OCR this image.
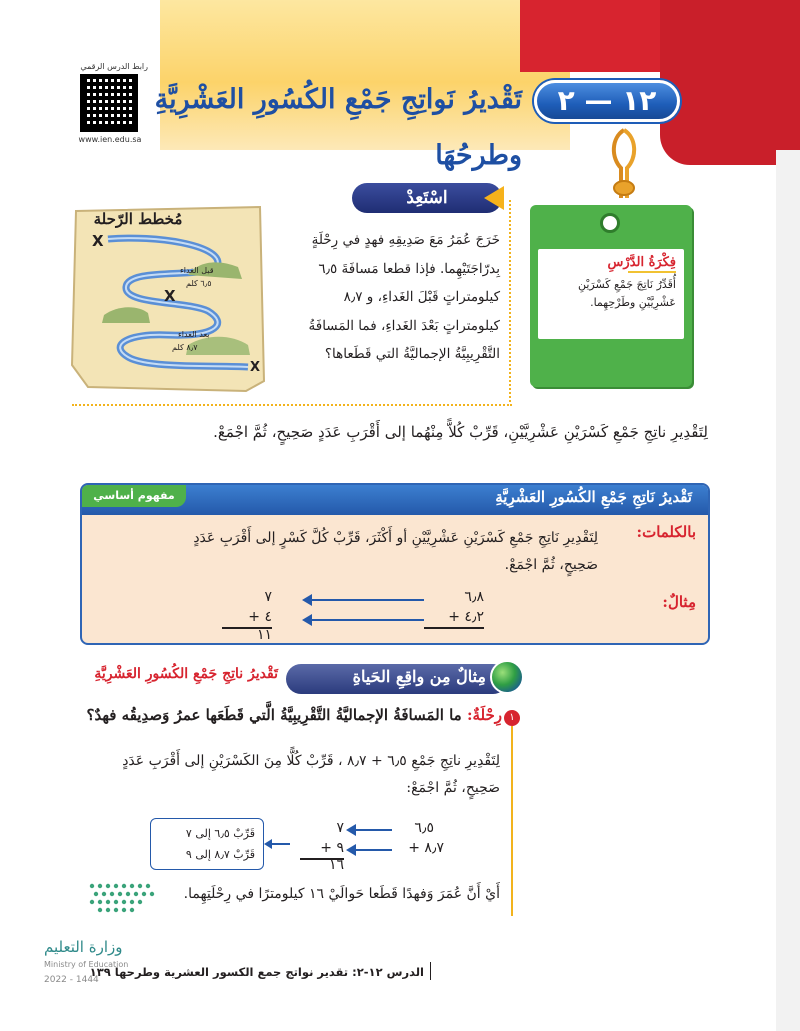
رابط الدرس الرقمي
www.ien.edu.sa
١٢ — ٢
تَقْديرُ نَواتِجِ جَمْعِ الكُسُورِ العَشْرِيَّةِ
وطرحُهَا
فِكْرَةُ الدَّرْسِ
أُقَدِّرُ نَاتِجَ جَمْعِ كَسْرَيْنِ عَشْرِيَّيْنِ وطَرْحِهِما.
اسْتَعِدْ
مُخطط الرّحلة
X
X
X
قبل الغداء
٦٫٥ كلم
بعد الغداء
٨٫٧ كلم
خَرَجَ عُمَرُ مَعَ صَدِيقِهِ فهدٍ في رِحْلَةٍ بِدرّاجَتَيْهِما. فإذا قطعا مَسافَةَ ٦٫٥ كيلومتراتٍ قَبْلَ الغَداءِ، و ٨٫٧ كيلومتراتٍ بَعْدَ الغَداءِ، فما المَسافَةُ التَّقْرِيبِيَّةُ الإجماليَّةُ التي قَطَعاها؟
لِتَقْدِيرِ ناتِجِ جَمْعِ كَسْرَيْنِ عَشْرِيَّيْنِ، قَرِّبْ كُلاًّ مِنْهُما إلى أَقْرَبِ عَدَدٍ صَحِيحٍ، ثُمَّ اجْمَعْ.
مفهوم أساسي	تَقْديرُ نَاتِجِ جَمْعِ الكُسُورِ العَشْرِيَّةِ
بالكلمات:
لِتَقْدِيرِ نَاتِجِ جَمْعِ كَسْرَيْنِ عَشْرِيَّيْنِ أو أَكْثَرَ، قَرِّبْ كُلَّ كَسْرٍ إلى أَقْرَبِ عَدَدٍ صَحِيحٍ، ثُمَّ اجْمَعْ.
مِثالٌ:
٦٫٨
+ ٤٫٢
٧
+ ٤
١١
مِثالٌ مِن واقِعِ الحَياةِ
تَقْديرُ ناتِجِ جَمْعِ الكُسُورِ العَشْرِيَّةِ
١
رِحْلَةٌ: ما المَسافَةُ الإجماليَّةُ التَّقْرِيبِيَّةُ الَّتي قَطَعَها عمرُ وَصدِيقُه فهدٌ؟
لِتَقْدِيرِ ناتِجِ جَمْعِ ٦٫٥ + ٨٫٧ ، قَرِّبْ كُلًّا مِنَ الكَسْرَيْنِ إلى أَقْرَبِ عَدَدٍ صَحِيحٍ، ثُمَّ اجْمَعْ:
٦٫٥
+ ٨٫٧
٧
+ ٩
١٦
قَرِّبْ ٦٫٥ إلى ٧
قَرِّبْ ٨٫٧ إلى ٩
أَيْ أَنَّ عُمَرَ وَفهدًا قَطَعا حَوالَيْ ١٦ كيلومترًا في رِحْلَتِهِما.
وزارة التعليم
Ministry of Education
2022 - 1444
الدرس ١٢-٢: تقدير نواتج جمع الكسور العشرية وطرحها ١٣٩
